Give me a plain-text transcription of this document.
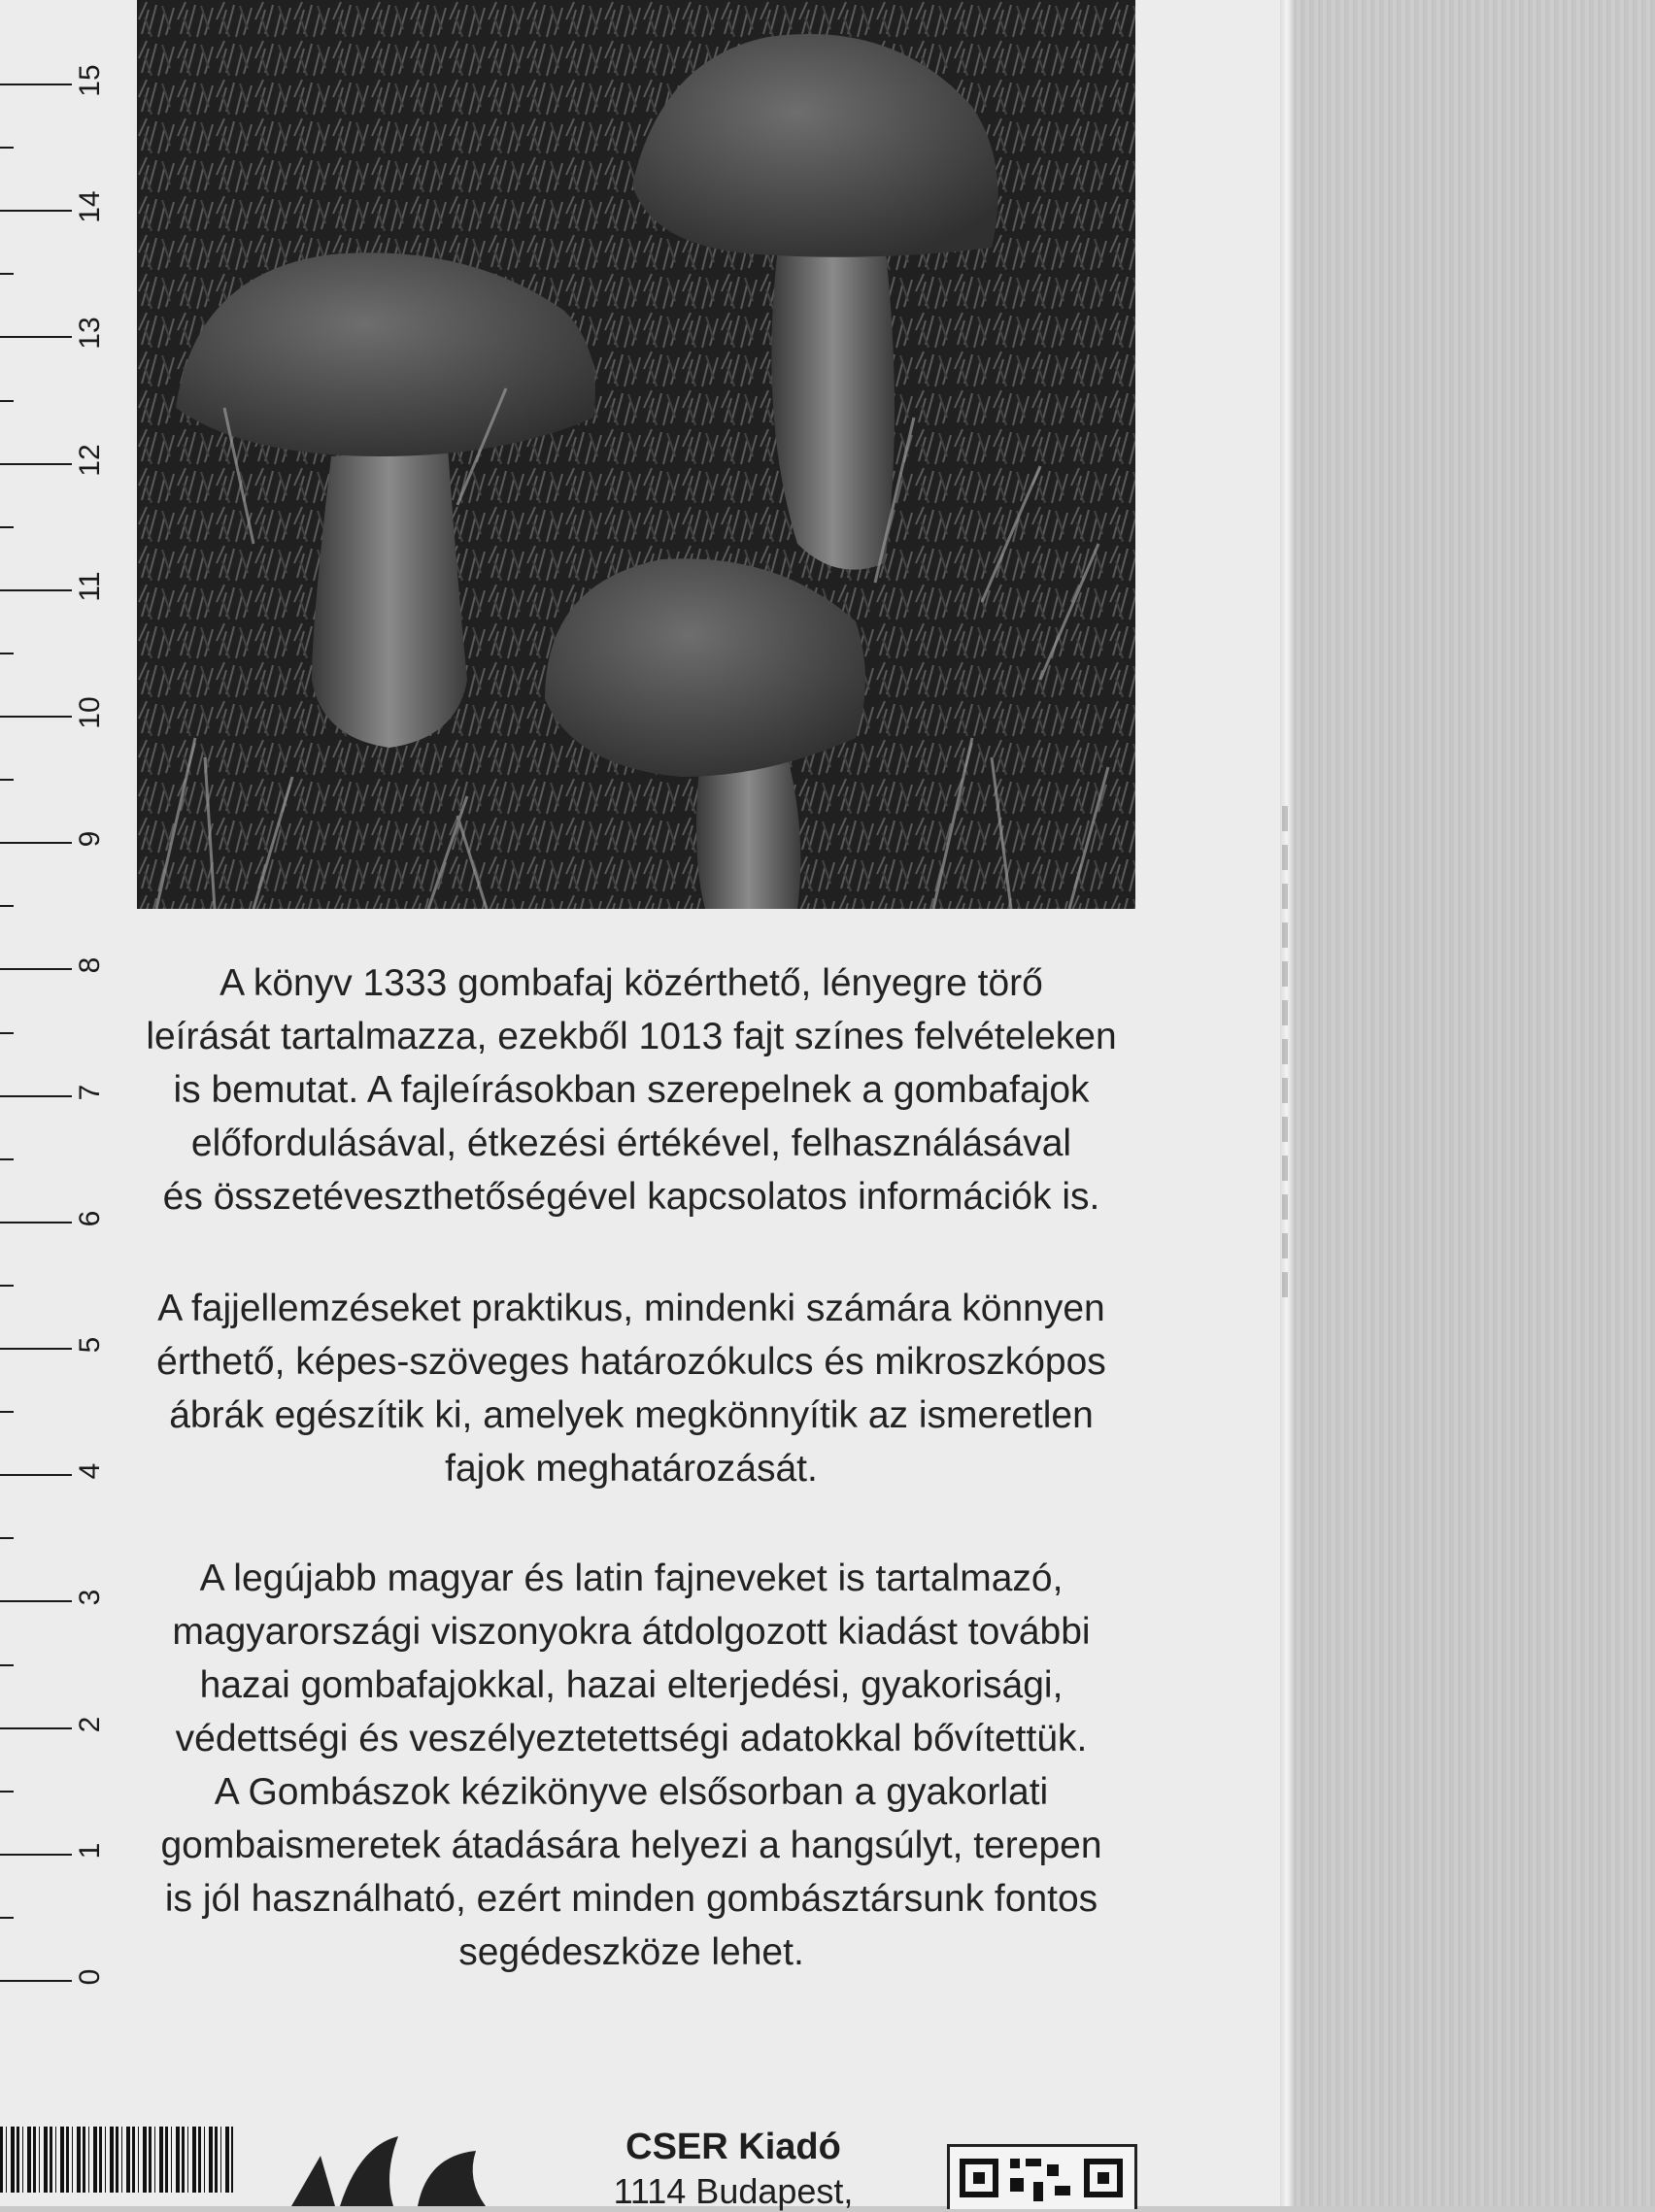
15
14
13
12
11
10
9
8
7
6
5
4
3
2
1
0
A könyv 1333 gombafaj közérthető, lényegre törő
leírását tartalmazza, ezekből 1013 fajt színes felvételeken
is bemutat. A fajleírásokban szerepelnek a gombafajok
előfordulásával, étkezési értékével, felhasználásával
és összetéveszthetőségével kapcsolatos információk is.
A fajjellemzéseket praktikus, mindenki számára könnyen
érthető, képes-szöveges határozókulcs és mikroszkópos
ábrák egészítik ki, amelyek megkönnyítik az ismeretlen
fajok meghatározását.
A legújabb magyar és latin fajneveket is tartalmazó,
magyarországi viszonyokra átdolgozott kiadást további
hazai gombafajokkal, hazai elterjedési, gyakorisági,
védettségi és veszélyeztetettségi adatokkal bővítettük.
A Gombászok kézikönyve elsősorban a gyakorlati
gombaismeretek átadására helyezi a hangsúlyt, terepen
is jól használható, ezért minden gombásztársunk fontos
segédeszköze lehet.
CSER Kiadó
1114 Budapest,
